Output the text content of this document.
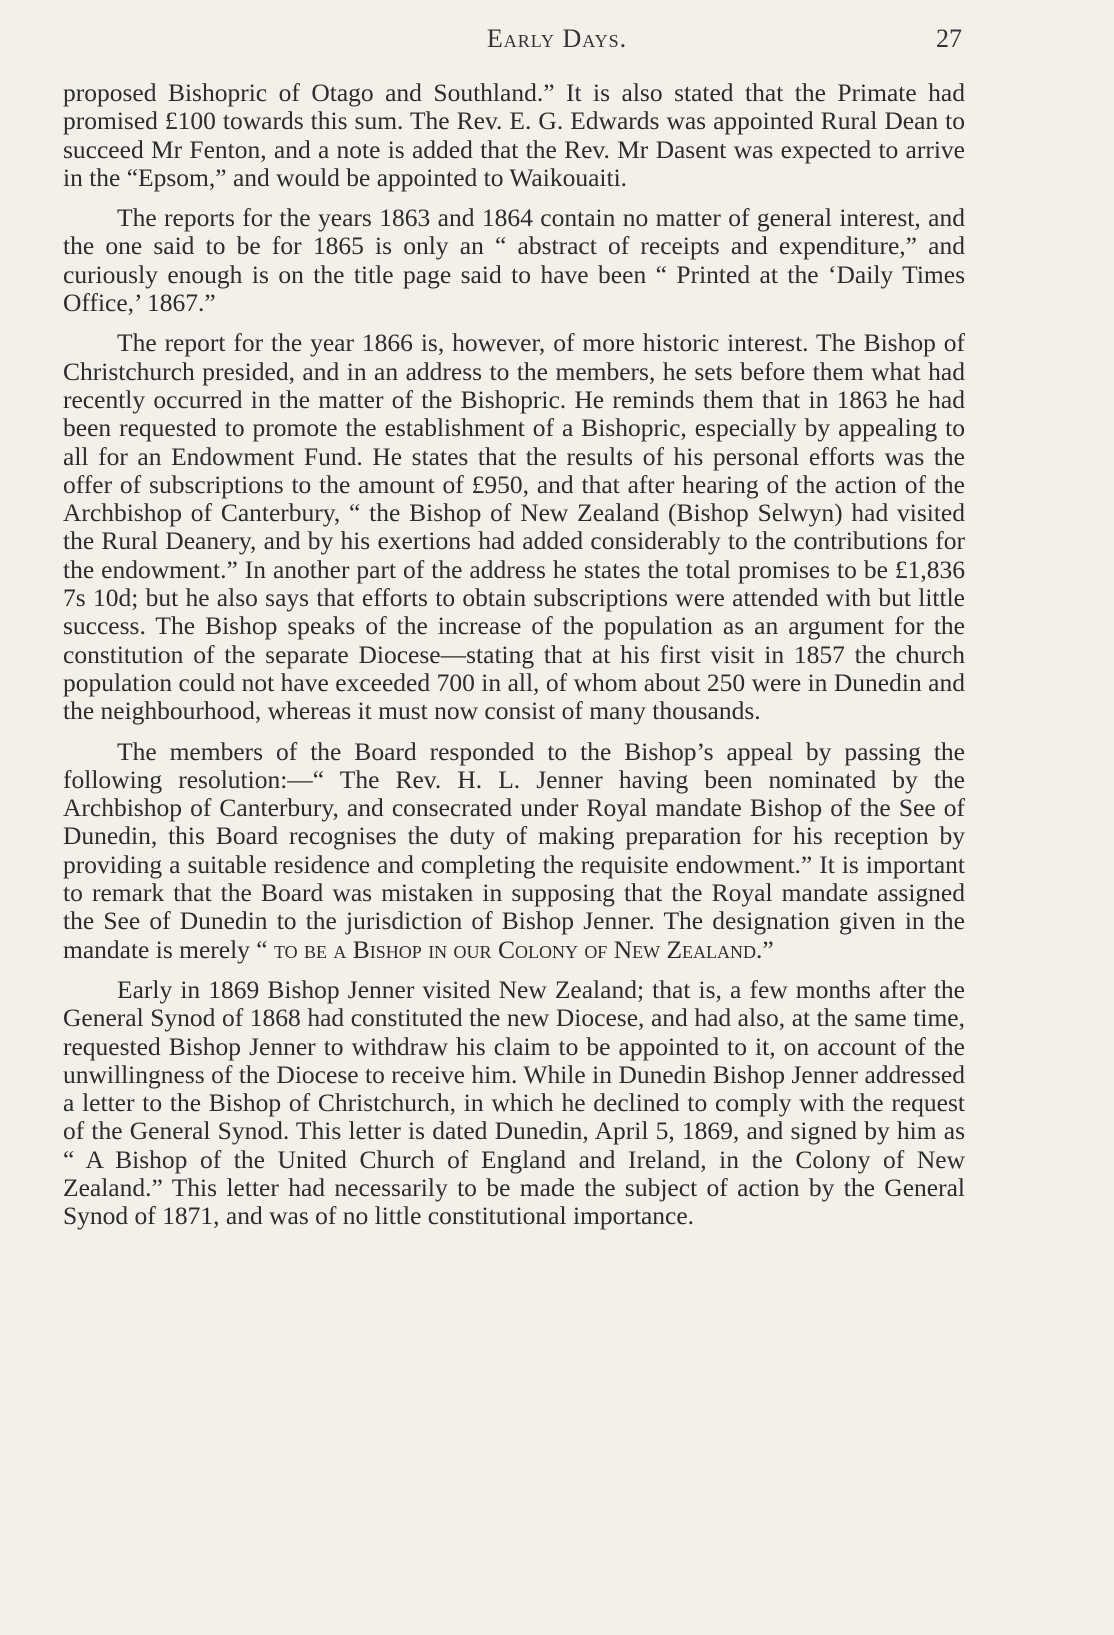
Early Days.	27

proposed Bishopric of Otago and Southland.” It is also stated that the Primate had promised £100 towards this sum. The Rev. E. G. Edwards was appointed Rural Dean to succeed Mr Fenton, and a note is added that the Rev. Mr Dasent was expected to arrive in the “Epsom,” and would be appointed to Waikouaiti.

The reports for the years 1863 and 1864 contain no matter of general interest, and the one said to be for 1865 is only an “ abstract of receipts and expenditure,” and curiously enough is on the title page said to have been “ Printed at the ‘Daily Times Office,’ 1867.”

The report for the year 1866 is, however, of more historic interest. The Bishop of Christchurch presided, and in an address to the members, he sets before them what had recently occurred in the matter of the Bishopric. He reminds them that in 1863 he had been requested to promote the establishment of a Bishopric, especially by appealing to all for an Endowment Fund. He states that the results of his personal efforts was the offer of subscriptions to the amount of £950, and that after hearing of the action of the Archbishop of Canterbury, “ the Bishop of New Zealand (Bishop Selwyn) had visited the Rural Deanery, and by his exertions had added considerably to the contributions for the endowment.” In another part of the address he states the total promises to be £1,836 7s 10d; but he also says that efforts to obtain subscriptions were attended with but little success. The Bishop speaks of the increase of the population as an argument for the constitution of the separate Diocese—stating that at his first visit in 1857 the church population could not have exceeded 700 in all, of whom about 250 were in Dunedin and the neighbourhood, whereas it must now consist of many thousands.

The members of the Board responded to the Bishop’s appeal by passing the following resolution:—“ The Rev. H. L. Jenner having been nominated by the Archbishop of Canterbury, and consecrated under Royal mandate Bishop of the See of Dunedin, this Board recognises the duty of making preparation for his reception by providing a suitable residence and completing the requisite endowment.” It is important to remark that the Board was mistaken in supposing that the Royal mandate assigned the See of Dunedin to the jurisdiction of Bishop Jenner. The designation given in the mandate is merely “ to be a Bishop in our Colony of New Zealand.”

Early in 1869 Bishop Jenner visited New Zealand; that is, a few months after the General Synod of 1868 had constituted the new Diocese, and had also, at the same time, requested Bishop Jenner to withdraw his claim to be appointed to it, on account of the unwillingness of the Diocese to receive him. While in Dunedin Bishop Jenner addressed a letter to the Bishop of Christchurch, in which he declined to comply with the request of the General Synod. This letter is dated Dunedin, April 5, 1869, and signed by him as “ A Bishop of the United Church of England and Ireland, in the Colony of New Zealand.” This letter had necessarily to be made the subject of action by the General Synod of 1871, and was of no little constitutional importance.
